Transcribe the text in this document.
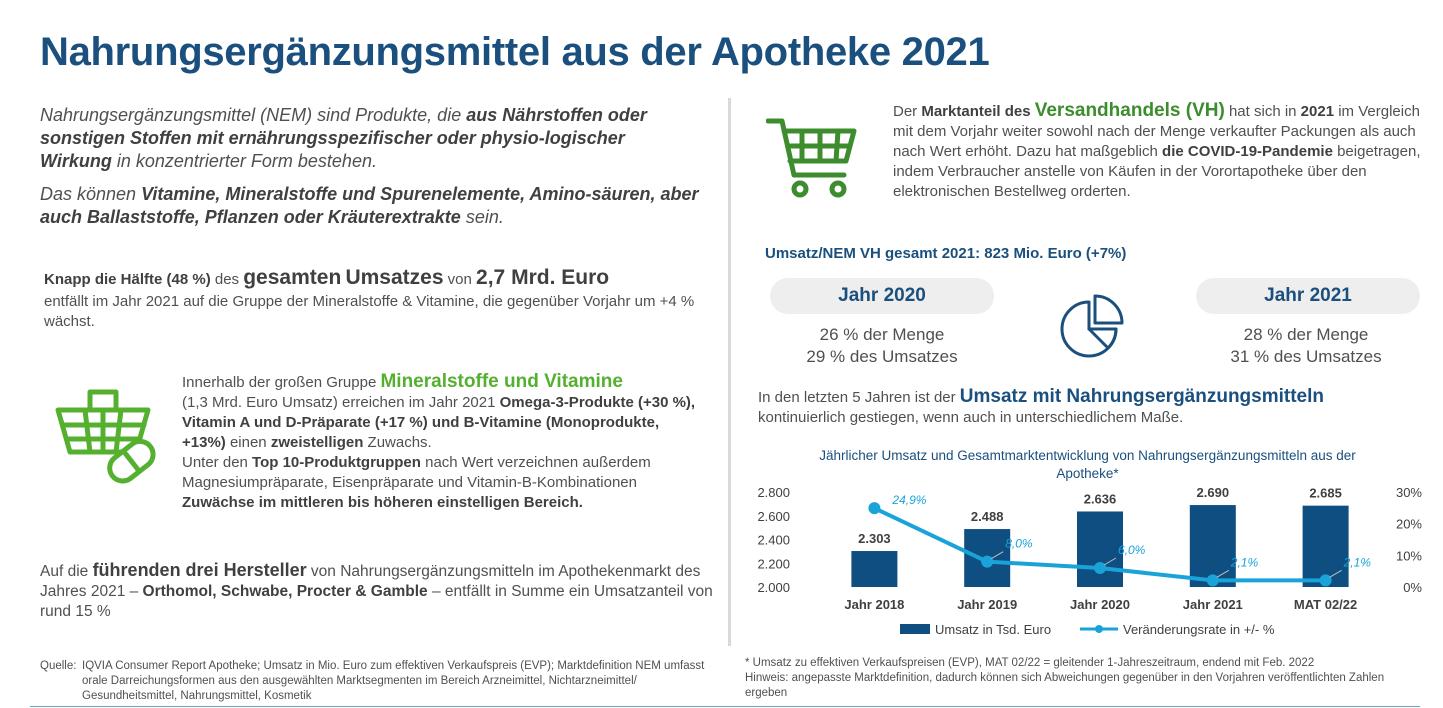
Nahrungsergänzungsmittel aus der Apotheke 2021
Nahrungsergänzungsmittel (NEM) sind Produkte, die aus Nährstoffen oder sonstigen Stoffen mit ernährungsspezifischer oder physio-logischer Wirkung in konzentrierter Form bestehen.
Das können Vitamine, Mineralstoffe und Spurenelemente, Amino-säuren, aber auch Ballaststoffe, Pflanzen oder Kräuterextrakte sein.
Knapp die Hälfte (48 %) des gesamten Umsatzes von 2,7 Mrd. Euro
entfällt im Jahr 2021 auf die Gruppe der Mineralstoffe & Vitamine, die gegenüber Vorjahr um +4 % wächst.
Innerhalb der großen Gruppe Mineralstoffe und Vitamine
(1,3 Mrd. Euro Umsatz) erreichen im Jahr 2021 Omega-3-Produkte (+30 %), Vitamin A und D-Präparate (+17 %) und B-Vitamine (Monoprodukte, +13%) einen zweistelligen Zuwachs.
Unter den Top 10-Produktgruppen nach Wert verzeichnen außerdem Magnesiumpräparate, Eisenpräparate und Vitamin-B-Kombinationen Zuwächse im mittleren bis höheren einstelligen Bereich.
Auf die führenden drei Hersteller von Nahrungsergänzungsmitteln im Apothekenmarkt des Jahres 2021 – Orthomol, Schwabe, Procter & Gamble – entfällt in Summe ein Umsatzanteil von rund 15 %
Quelle: IQVIA Consumer Report Apotheke; Umsatz in Mio. Euro zum effektiven Verkaufspreis (EVP); Marktdefinition NEM umfasst orale Darreichungsformen aus den ausgewählten Marktsegmenten im Bereich Arzneimittel, Nichtarzneimittel/ Gesundheitsmittel, Nahrungsmittel, Kosmetik
Der Marktanteil des Versandhandels (VH) hat sich in 2021 im Vergleich mit dem Vorjahr weiter sowohl nach der Menge verkaufter Packungen als auch nach Wert erhöht. Dazu hat maßgeblich die COVID-19-Pandemie beigetragen, indem Verbraucher anstelle von Käufen in der Vorortapotheke über den elektronischen Bestellweg orderten.
Umsatz/NEM VH gesamt 2021: 823 Mio. Euro (+7%)
Jahr 2020
26 % der Menge
29 % des Umsatzes
Jahr 2021
28 % der Menge
31 % des Umsatzes
In den letzten 5 Jahren ist der Umsatz mit Nahrungsergänzungsmitteln
kontinuierlich gestiegen, wenn auch in unterschiedlichem Maße.
Jährlicher Umsatz und Gesamtmarktentwicklung von Nahrungsergänzungsmitteln aus der Apotheke*
2.000
2.200
2.400
2.600
2.800
0%
10%
20%
30%
2.303
Jahr 2018
2.488
Jahr 2019
2.636
Jahr 2020
2.690
Jahr 2021
2.685
MAT 02/22
24,9%
8,0%	6,0%
2,1%	2,1%
Umsatz in Tsd. Euro	Veränderungsrate in +/- %
* Umsatz zu effektiven Verkaufspreisen (EVP), MAT 02/22 = gleitender 1-Jahreszeitraum, endend mit Feb. 2022
Hinweis: angepasste Marktdefinition, dadurch können sich Abweichungen gegenüber in den Vorjahren veröffentlichten Zahlen ergeben
